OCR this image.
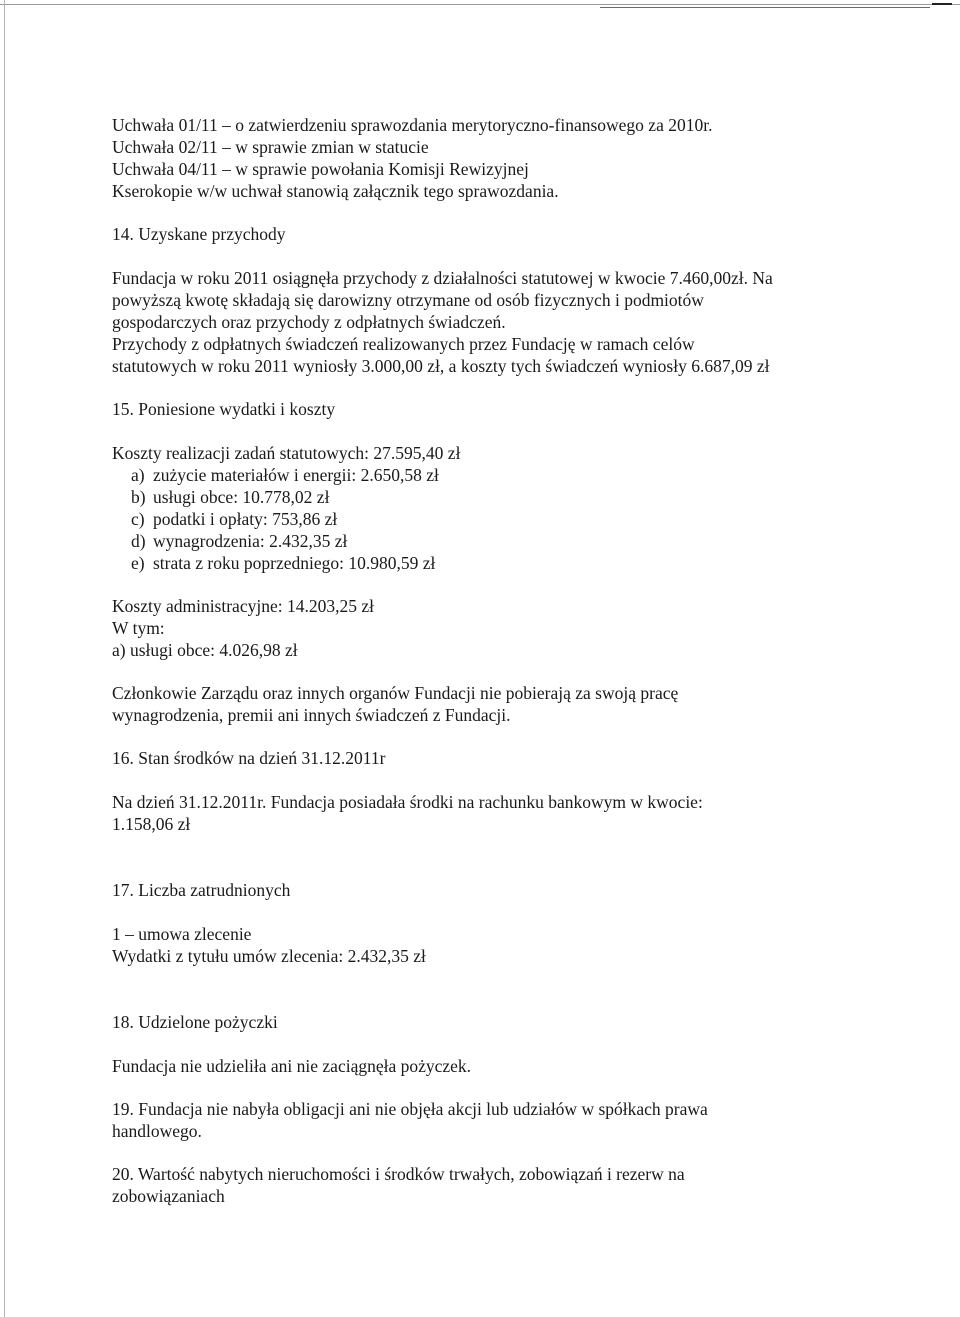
Uchwała 01/11 – o zatwierdzeniu sprawozdania merytoryczno-finansowego za 2010r.
Uchwała 02/11 – w sprawie zmian w statucie
Uchwała 04/11 – w sprawie powołania Komisji Rewizyjnej
Kserokopie w/w uchwał stanowią załącznik tego sprawozdania.
14. Uzyskane przychody
Fundacja w roku 2011 osiągnęła przychody z działalności statutowej w kwocie 7.460,00zł. Na
powyższą kwotę składają się darowizny otrzymane od osób fizycznych i podmiotów
gospodarczych oraz przychody z odpłatnych świadczeń.
Przychody z odpłatnych świadczeń realizowanych przez Fundację w ramach celów
statutowych w roku 2011 wyniosły 3.000,00 zł, a koszty tych świadczeń wyniosły 6.687,09 zł
15. Poniesione wydatki i koszty
Koszty realizacji zadań statutowych: 27.595,40 zł
a) zużycie materiałów i energii: 2.650,58 zł
b) usługi obce: 10.778,02 zł
c) podatki i opłaty: 753,86 zł
d) wynagrodzenia: 2.432,35 zł
e) strata z roku poprzedniego: 10.980,59 zł
Koszty administracyjne: 14.203,25 zł
W tym:
a) usługi obce: 4.026,98 zł
Członkowie Zarządu oraz innych organów Fundacji nie pobierają za swoją pracę
wynagrodzenia, premii ani innych świadczeń z Fundacji.
16. Stan środków na dzień 31.12.2011r
Na dzień 31.12.2011r. Fundacja posiadała środki na rachunku bankowym w kwocie:
1.158,06 zł
17. Liczba zatrudnionych
1 – umowa zlecenie
Wydatki z tytułu umów zlecenia: 2.432,35 zł
18. Udzielone pożyczki
Fundacja nie udzieliła ani nie zaciągnęła pożyczek.
19. Fundacja nie nabyła obligacji ani nie objęła akcji lub udziałów w spółkach prawa
handlowego.
20. Wartość nabytych nieruchomości i środków trwałych, zobowiązań i rezerw na
zobowiązaniach
